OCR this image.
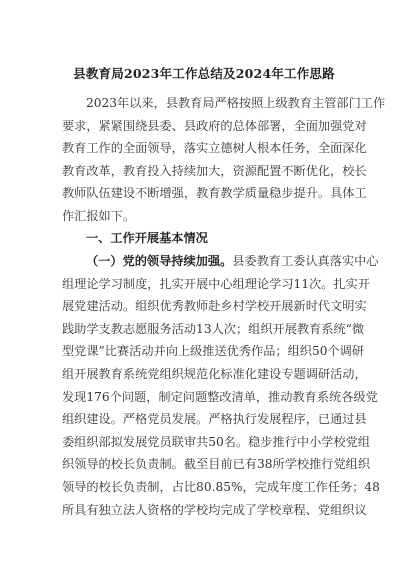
县教育局2023年工作总结及2024年工作思路
2023年以来，县教育局严格按照上级教育主管部门工作
要求，紧紧围绕县委、县政府的总体部署，全面加强党对
教育工作的全面领导，落实立德树人根本任务，全面深化
教育改革，教育投入持续加大，资源配置不断优化，校长
教师队伍建设不断增强，教育教学质量稳步提升。具体工
作汇报如下。
一、工作开展基本情况
（一）党的领导持续加强。县委教育工委认真落实中心
组理论学习制度，扎实开展中心组理论学习11次。扎实开
展党建活动。组织优秀教师赴乡村学校开展新时代文明实
践助学支教志愿服务活动13人次；组织开展教育系统“微
型党课”比赛活动并向上级推送优秀作品；组织50个调研
组开展教育系统党组织规范化标准化建设专题调研活动，
发现176个问题，制定问题整改清单，推动教育系统各级党
组织建设。严格党员发展。严格执行发展程序，已通过县
委组织部拟发展党员联审共50名。稳步推行中小学校党组
织领导的校长负责制。截至目前已有38所学校推行党组织
领导的校长负责制，占比80.85%，完成年度工作任务；48
所具有独立法人资格的学校均完成了学校章程、党组织议
